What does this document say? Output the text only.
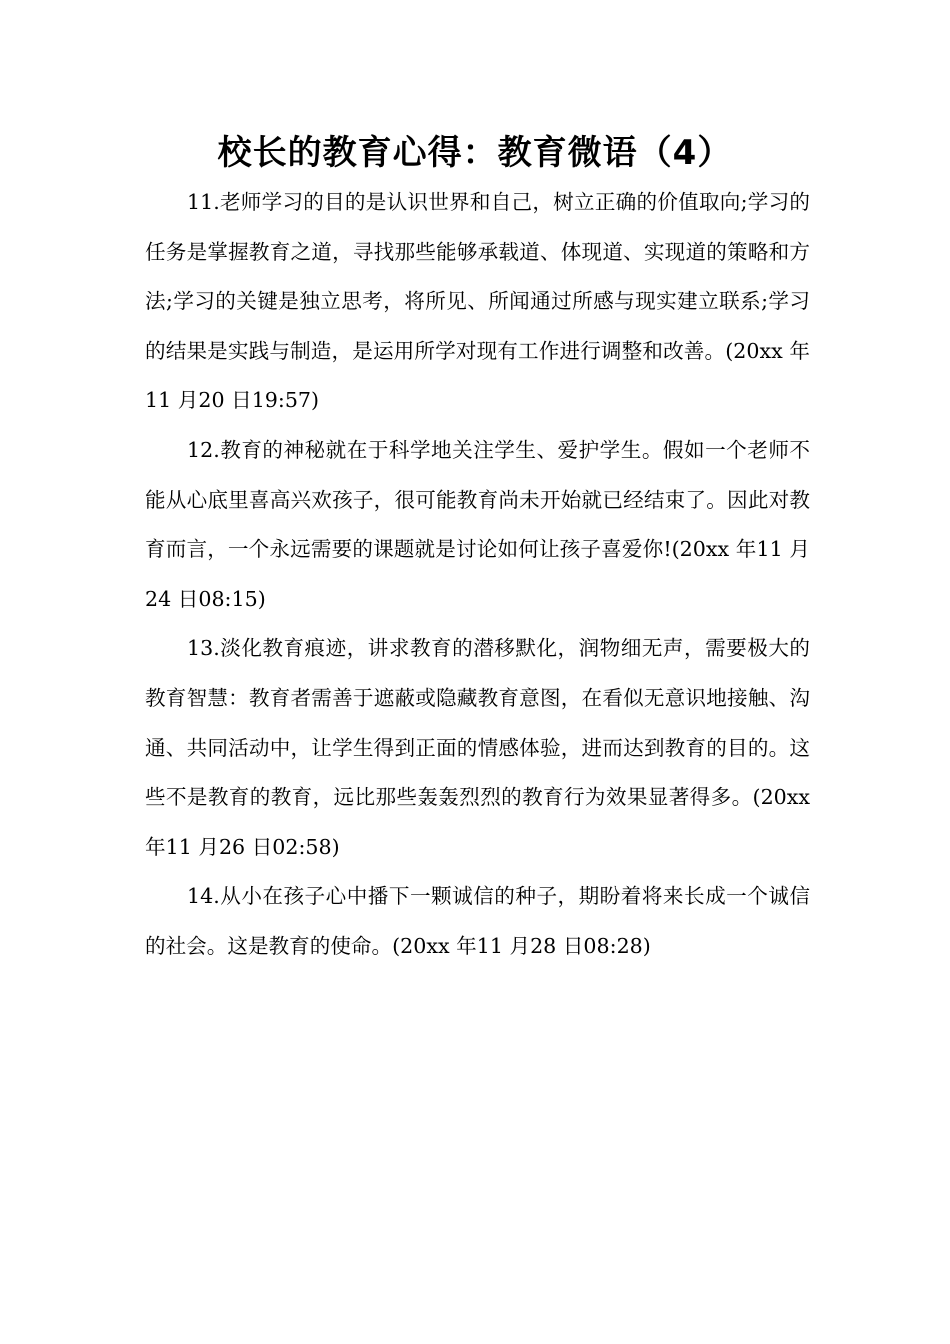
校长的教育心得：教育微语（4）

11.老师学习的目的是认识世界和自己，树立正确的价值取向;学习的任务是掌握教育之道，寻找那些能够承载道、体现道、实现道的策略和方法;学习的关键是独立思考，将所见、所闻通过所感与现实建立联系;学习的结果是实践与制造，是运用所学对现有工作进行调整和改善。(20xx 年11 月20 日19:57)

12.教育的神秘就在于科学地关注学生、爱护学生。假如一个老师不能从心底里喜高兴欢孩子，很可能教育尚未开始就已经结束了。因此对教育而言，一个永远需要的课题就是讨论如何让孩子喜爱你!(20xx 年11 月24 日08:15)

13.淡化教育痕迹，讲求教育的潜移默化，润物细无声，需要极大的教育智慧：教育者需善于遮蔽或隐藏教育意图，在看似无意识地接触、沟通、共同活动中，让学生得到正面的情感体验，进而达到教育的目的。这些不是教育的教育，远比那些轰轰烈烈的教育行为效果显著得多。(20xx 年11 月26 日02:58)

14.从小在孩子心中播下一颗诚信的种子，期盼着将来长成一个诚信的社会。这是教育的使命。(20xx 年11 月28 日08:28)
